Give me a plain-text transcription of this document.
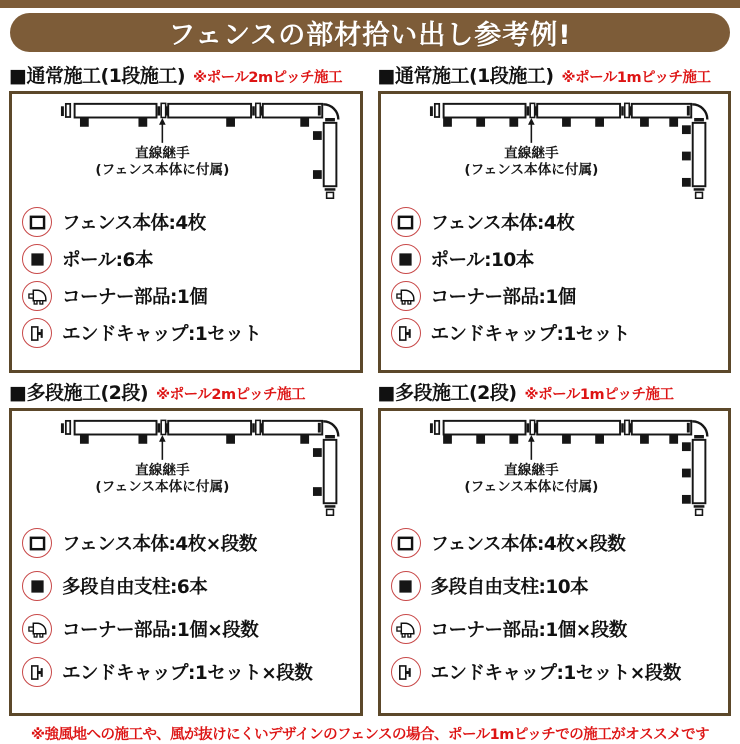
フェンスの部材拾い出し参考例!
■通常施工(1段施工) ※ポール2mピッチ施工
直線継手
(フェンス本体に付属)
フェンス本体:4枚
ポール:6本
コーナー部品:1個
エンドキャップ:1セット
■通常施工(1段施工) ※ポール1mピッチ施工
直線継手
(フェンス本体に付属)
フェンス本体:4枚
ポール:10本
コーナー部品:1個
エンドキャップ:1セット
■多段施工(2段) ※ポール2mピッチ施工
直線継手
(フェンス本体に付属)
フェンス本体:4枚×段数
多段自由支柱:6本
コーナー部品:1個×段数
エンドキャップ:1セット×段数
■多段施工(2段) ※ポール1mピッチ施工
直線継手
(フェンス本体に付属)
フェンス本体:4枚×段数
多段自由支柱:10本
コーナー部品:1個×段数
エンドキャップ:1セット×段数
※強風地への施工や、風が抜けにくいデザインのフェンスの場合、ポール1mピッチでの施工がオススメです
